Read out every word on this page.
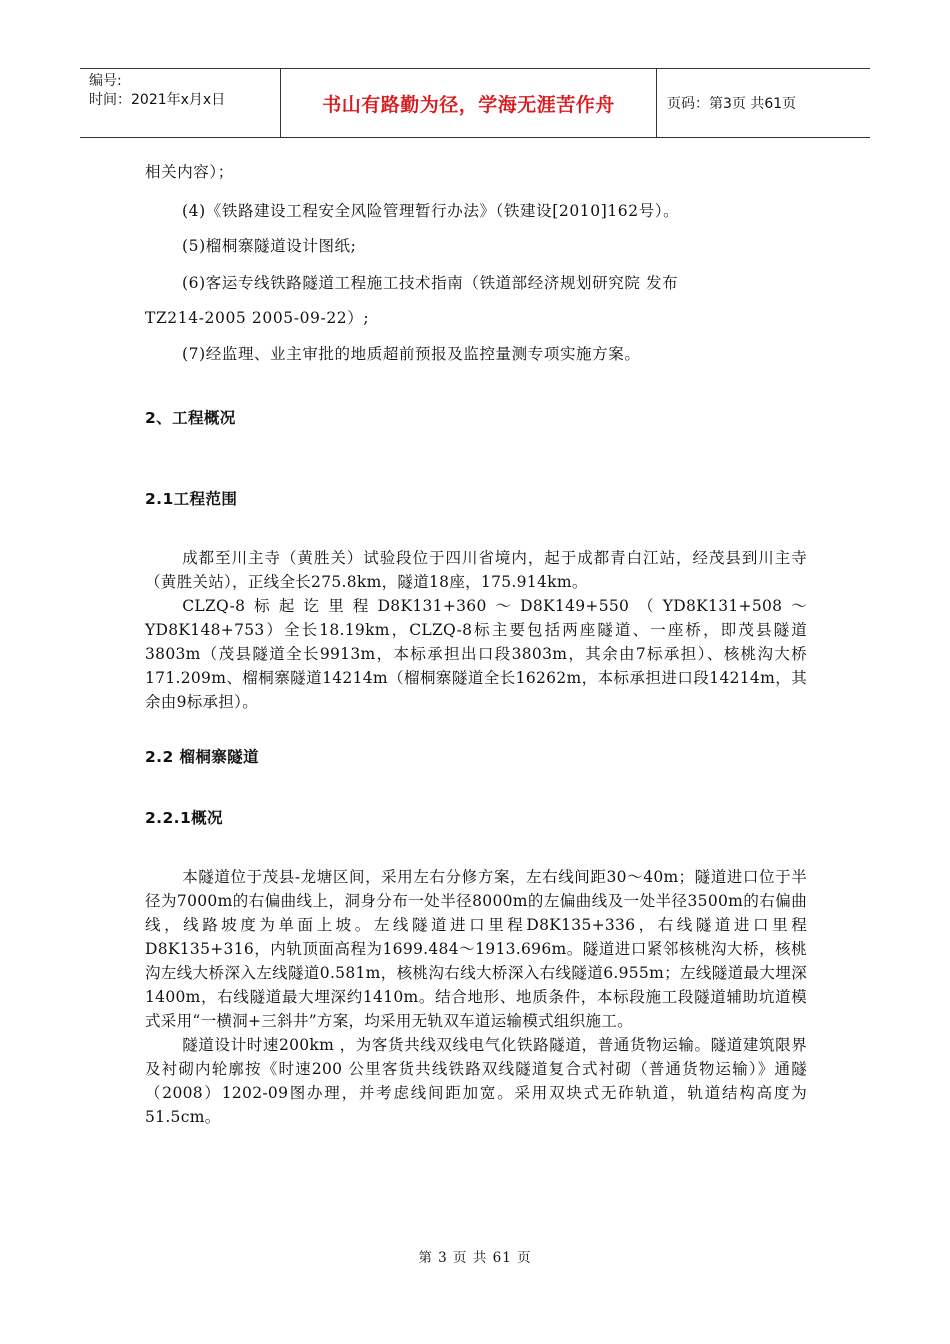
编号:
时间：2021年x月x日	书山有路勤为径，学海无涯苦作舟	页码：第3页 共61页
相关内容）；
(4)《铁路建设工程安全风险管理暂行办法》（铁建设[2010]162号）。
(5)榴桐寨隧道设计图纸;
(6)客运专线铁路隧道工程施工技术指南（铁道部经济规划研究院 发布
TZ214-2005 2005-09-22）;
(7)经监理、业主审批的地质超前预报及监控量测专项实施方案。
2、工程概况
2.1工程范围

成都至川主寺（黄胜关）试验段位于四川省境内，起于成都青白江站，经茂县到川主寺（黄胜关站），正线全长275.8km，隧道18座，175.914km。

CLZQ-8标起讫里程D8K131+360～D8K149+550（YD8K131+508～YD8K148+753）全长18.19km，CLZQ-8标主要包括两座隧道、一座桥，即茂县隧道3803m（茂县隧道全长9913m，本标承担出口段3803m，其余由7标承担）、核桃沟大桥171.209m、榴桐寨隧道14214m（榴桐寨隧道全长16262m，本标承担进口段14214m，其余由9标承担）。

2.2 榴桐寨隧道
2.2.1概况

本隧道位于茂县-龙塘区间，采用左右分修方案，左右线间距30～40m；隧道进口位于半径为7000m的右偏曲线上，洞身分布一处半径8000m的左偏曲线及一处半径3500m的右偏曲线，线路坡度为单面上坡。左线隧道进口里程D8K135+336，右线隧道进口里程D8K135+316，内轨顶面高程为1699.484～1913.696m。隧道进口紧邻核桃沟大桥，核桃沟左线大桥深入左线隧道0.581m，核桃沟右线大桥深入右线隧道6.955m；左线隧道最大埋深1400m，右线隧道最大埋深约1410m。结合地形、地质条件，本标段施工段隧道辅助坑道模式采用“一横洞+三斜井”方案，均采用无轨双车道运输模式组织施工。

隧道设计时速200km ，为客货共线双线电气化铁路隧道，普通货物运输。隧道建筑限界及衬砌内轮廓按《时速200 公里客货共线铁路双线隧道复合式衬砌（普通货物运输）》通隧（2008）1202-09图办理，并考虑线间距加宽。采用双块式无砟轨道，轨道结构高度为51.5cm。

第 3 页 共 61 页
